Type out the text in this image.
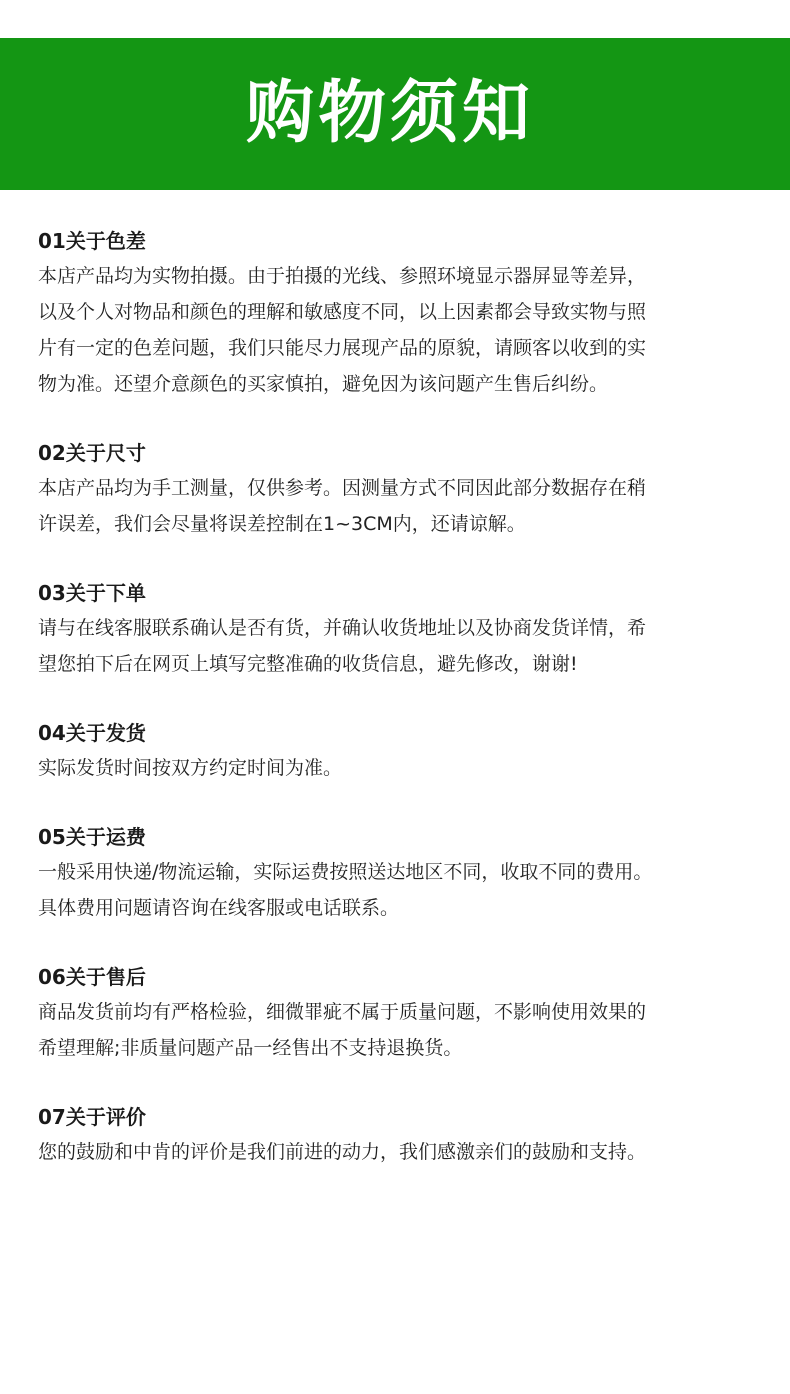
购物须知
01关于色差
本店产品均为实物拍摄。由于拍摄的光线、参照环境显示器屏显等差异，
以及个人对物品和颜色的理解和敏感度不同，以上因素都会导致实物与照
片有一定的色差问题，我们只能尽力展现产品的原貌，请顾客以收到的实
物为准。还望介意颜色的买家慎拍，避免因为该问题产生售后纠纷。
02关于尺寸
本店产品均为手工测量，仅供参考。因测量方式不同因此部分数据存在稍
许误差，我们会尽量将误差控制在1~3CM内，还请谅解。
03关于下单
请与在线客服联系确认是否有货，并确认收货地址以及协商发货详情，希
望您拍下后在网页上填写完整准确的收货信息，避先修改，谢谢!
04关于发货
实际发货时间按双方约定时间为准。
05关于运费
一般采用快递/物流运输，实际运费按照送达地区不同，收取不同的费用。
具体费用问题请咨询在线客服或电话联系。
06关于售后
商品发货前均有严格检验，细微罪疵不属于质量问题，不影响使用效果的
希望理解;非质量问题产品一经售出不支持退换货。
07关于评价
您的鼓励和中肯的评价是我们前进的动力，我们感激亲们的鼓励和支持。
